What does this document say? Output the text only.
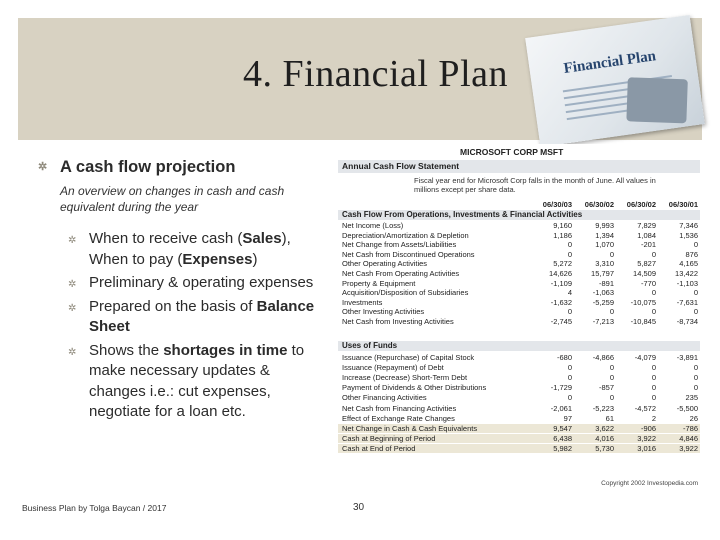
4. Financial Plan	Financial Plan
✲ A cash flow projection
An overview on changes in cash and cash equivalent during the year
✲ When to receive cash (Sales), When to pay (Expenses)
✲ Preliminary & operating expenses
✲ Prepared on the basis of Balance Sheet
✲ Shows the shortages in time to make necessary updates & changes i.e.: cut expenses, negotiate for a loan etc.
MICROSOFT CORP MSFT
Annual Cash Flow Statement
Fiscal year end for Microsoft Corp falls in the month of June. All values in millions except per share data.
06/30/03	06/30/02	06/30/02	06/30/01
Cash Flow From Operations, Investments & Financial Activities
Net Income (Loss)	9,160	9,993	7,829	7,346
Depreciation/Amortization & Depletion	1,186	1,394	1,084	1,536
Net Change from Assets/Liabilities	0	1,070	-201	0
Net Cash from Discontinued Operations	0	0	0	876
Other Operating Activities	5,272	3,310	5,827	4,165
Net Cash From Operating Activities	14,626	15,797	14,509	13,422
Property & Equipment	-1,109	-891	-770	-1,103
Acquisition/Disposition of Subsidiaries	4	-1,063	0	0
Investments	-1,632	-5,259	-10,075	-7,631
Other Investing Activities	0	0	0	0
Net Cash from Investing Activities	-2,745	-7,213	-10,845	-8,734
Uses of Funds
Issuance (Repurchase) of Capital Stock	-680	-4,866	-4,079	-3,891
Issuance (Repayment) of Debt	0	0	0	0
Increase (Decrease) Short-Term Debt	0	0	0	0
Payment of Dividends & Other Distributions	-1,729	-857	0	0
Other Financing Activities	0	0	0	235
Net Cash from Financing Activities	-2,061	-5,223	-4,572	-5,500
Effect of Exchange Rate Changes	97	61	2	26
Net Change in Cash & Cash Equivalents	9,547	3,622	-906	-786
Cash at Beginning of Period	6,438	4,016	3,922	4,846
Cash at End of Period	5,982	5,730	3,016	3,922
Copyright 2002 Investopedia.com
Business Plan by Tolga Baycan / 2017	30
